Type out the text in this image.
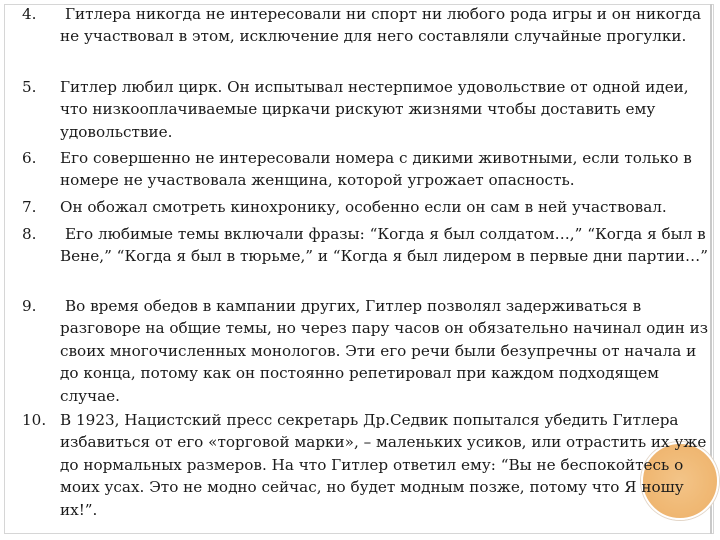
4.	Гитлера никогда не интересовали ни спорт ни любого рода игры и он никогда не участвовал в этом, исключение для него составляли случайные прогулки.
5. Гитлер любил цирк. Он испытывал нестерпимое удовольствие от одной идеи, что низкооплачиваемые циркачи рискуют жизнями чтобы доставить ему удовольствие.
6. Его совершенно не интересовали номера с дикими животными, если только в номере не участвовала женщина, которой угрожает опасность.
7. Он обожал смотреть кинохронику, особенно если он сам в ней участвовал.
8.	Его любимые темы включали фразы: “Когда я был солдатом…,” “Когда я был в Вене,” “Когда я был в тюрьме,” и “Когда я был лидером в первые дни партии…”
9.	Во время обедов в кампании других, Гитлер позволял задерживаться в разговоре на общие темы, но через пару часов он обязательно начинал один из своих многочисленных монологов. Эти его речи были безупречны от начала и до конца, потому как он постоянно репетировал при каждом подходящем случае.
10. В 1923, Нацистский пресс секретарь Др.Седвик попытался убедить Гитлера избавиться от его «торговой марки», – маленьких усиков, или отрастить их уже до нормальных размеров. На что Гитлер ответил ему: “Вы не беспокойтесь о моих усах. Это не модно сейчас, но будет модным позже, потому что Я ношу их!”.
